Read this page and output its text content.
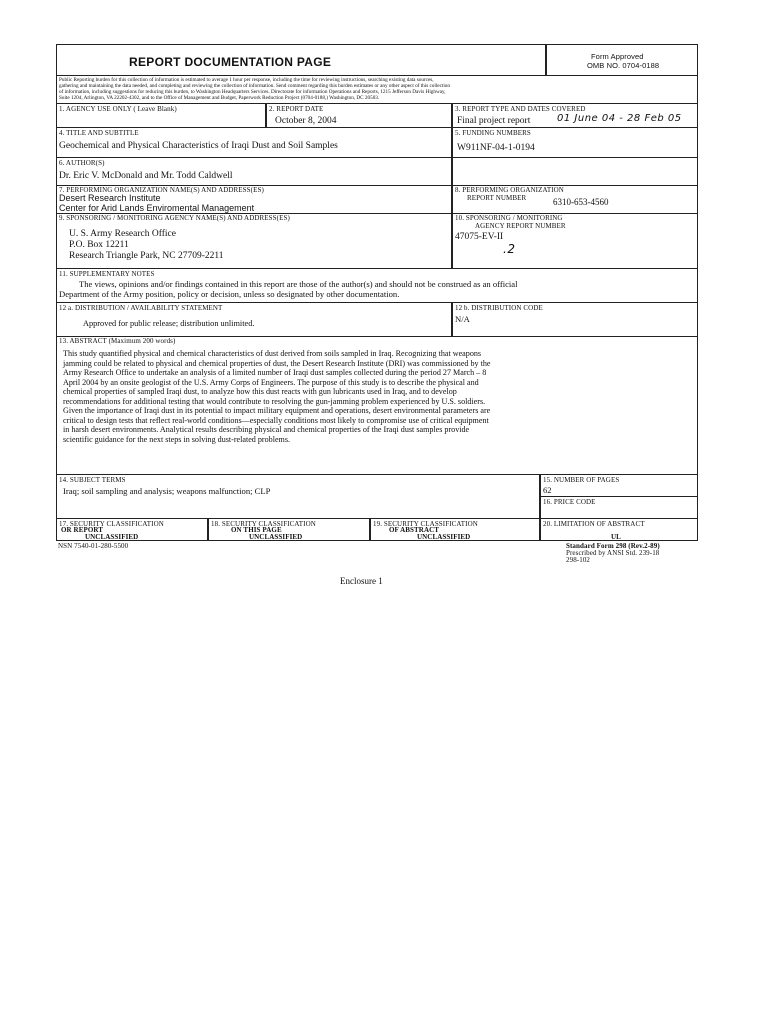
REPORT DOCUMENTATION PAGE	Form Approved
OMB NO. 0704-0188
Public Reporting burden for this collection of information is estimated to average 1 hour per response, including the time for reviewing instructions, searching existing data sources,
gathering and maintaining the data needed, and completing and reviewing the collection of information. Send comment regarding this burden estimates or any other aspect of this collection
of information, including suggestions for reducing this burden, to Washington Headquarters Services. Directorate for information Operations and Reports, 1215 Jefferson Davis Highway,
Suite 1204, Arlington, VA 22202-4302, and to the Office of Management and Budget, Paperwork Reduction Project (0704-0188,) Washington, DC 20503.
1. AGENCY USE ONLY ( Leave Blank)	2. REPORT DATE
October 8, 2004
3. REPORT TYPE AND DATES COVERED
Final project report	01 June 04 - 28 Feb 05
4. TITLE AND SUBTITLE
Geochemical and Physical Characteristics of Iraqi Dust and Soil Samples
5. FUNDING NUMBERS
W911NF-04-1-0194
6. AUTHOR(S)
Dr. Eric V. McDonald and Mr. Todd Caldwell
7. PERFORMING ORGANIZATION NAME(S) AND ADDRESS(ES)
Desert Research Institute
Center for Arid Lands Enviromental Management
8. PERFORMING ORGANIZATION
REPORT NUMBER	6310-653-4560
9. SPONSORING / MONITORING AGENCY NAME(S) AND ADDRESS(ES)
U. S. Army Research Office
P.O. Box 12211
Research Triangle Park, NC 27709-2211
10. SPONSORING / MONITORING
AGENCY REPORT NUMBER
47075-EV-II
.2
11. SUPPLEMENTARY NOTES
The views, opinions and/or findings contained in this report are those of the author(s) and should not be construed as an official
Department of the Army position, policy or decision, unless so designated by other documentation.
12 a. DISTRIBUTION / AVAILABILITY STATEMENT
Approved for public release; distribution unlimited.
12 b. DISTRIBUTION CODE
N/A
13. ABSTRACT (Maximum 200 words)
This study quantified physical and chemical characteristics of dust derived from soils sampled in Iraq. Recognizing that weapons
jamming could be related to physical and chemical properties of dust, the Desert Research Institute (DRI) was commissioned by the
Army Research Office to undertake an analysis of a limited number of Iraqi dust samples collected during the period 27 March – 8
April 2004 by an onsite geologist of the U.S. Army Corps of Engineers. The purpose of this study is to describe the physical and
chemical properties of sampled Iraqi dust, to analyze how this dust reacts with gun lubricants used in Iraq, and to develop
recommendations for additional testing that would contribute to resolving the gun-jamming problem experienced by U.S. soldiers.
Given the importance of Iraqi dust in its potential to impact military equipment and operations, desert environmental parameters are
critical to design tests that reflect real-world conditions—especially conditions most likely to compromise use of critical equipment
in harsh desert environments. Analytical results describing physical and chemical properties of the Iraqi dust samples provide
scientific guidance for the next steps in solving dust-related problems.
14. SUBJECT TERMS
Iraq; soil sampling and analysis; weapons malfunction; CLP
15. NUMBER OF PAGES
62
16. PRICE CODE
17. SECURITY CLASSIFICATION
OR REPORT
UNCLASSIFIED
18. SECURITY CLASSIFICATION
ON THIS PAGE
UNCLASSIFIED
19. SECURITY CLASSIFICATION
OF ABSTRACT
UNCLASSIFIED
20. LIMITATION OF ABSTRACT
UL
NSN 7540-01-280-5500	Standard Form 298 (Rev.2-89)
Prescribed by ANSI Std. 239-18
298-102
Enclosure 1
